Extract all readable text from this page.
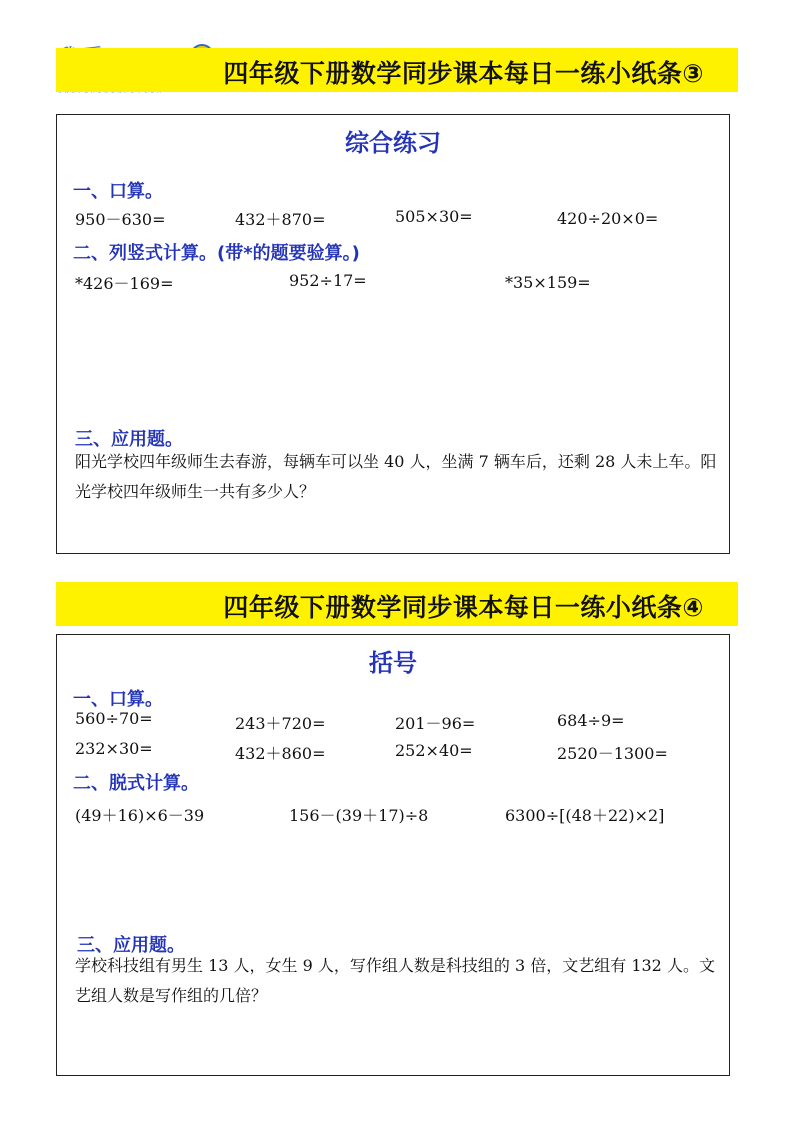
四年级下册数学同步课本每日一练小纸条③
综合练习
一、口算。
950－630=	432＋870=	505×30=	420÷20×0=
二、列竖式计算。(带*的题要验算。)
*426－169=	952÷17=	*35×159=
三、应用题。
阳光学校四年级师生去春游，每辆车可以坐 40 人，坐满 7 辆车后，还剩 28 人未上车。阳光学校四年级师生一共有多少人？
四年级下册数学同步课本每日一练小纸条④
括号
一、口算。
560÷70=	243＋720=	201－96=	684÷9=
232×30=	432＋860=	252×40=	2520－1300=
二、脱式计算。
(49＋16)×6－39	156－(39＋17)÷8	6300÷[(48＋22)×2]
三、应用题。
学校科技组有男生 13 人，女生 9 人，写作组人数是科技组的 3 倍，文艺组有 132 人。文艺组人数是写作组的几倍？
